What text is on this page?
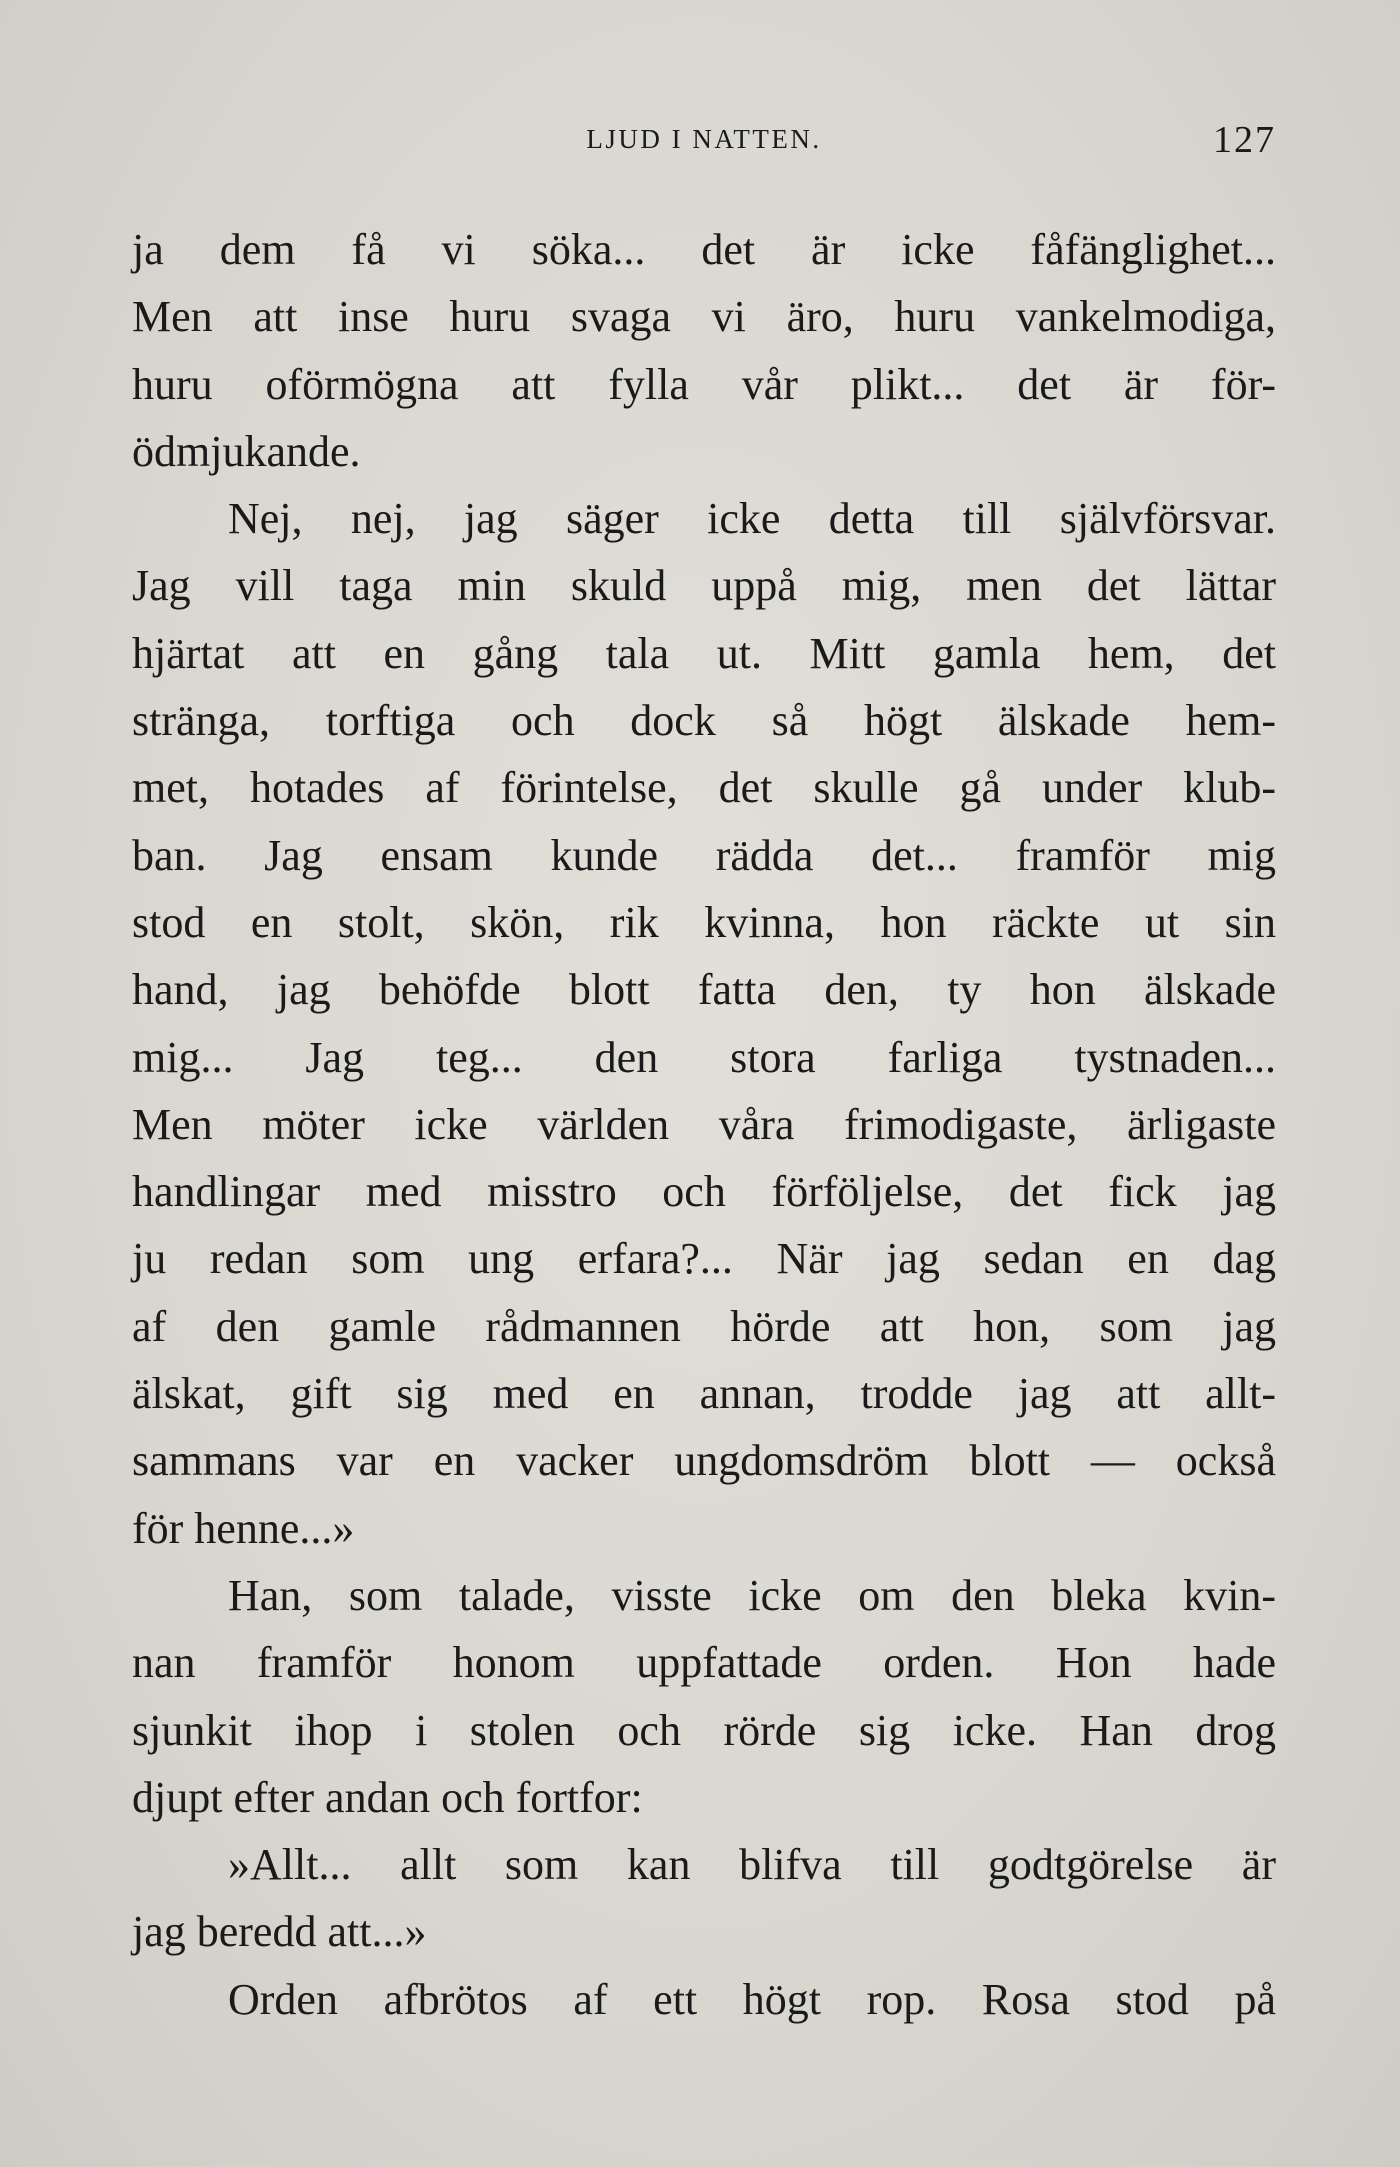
LJUD I NATTEN.	127
ja dem få vi söka... det är icke fåfänglighet...
Men att inse huru svaga vi äro, huru vankelmodiga,
huru oförmögna att fylla vår plikt... det är för-
ödmjukande.
Nej, nej, jag säger icke detta till självförsvar.
Jag vill taga min skuld uppå mig, men det lättar
hjärtat att en gång tala ut. Mitt gamla hem, det
stränga, torftiga och dock så högt älskade hem-
met, hotades af förintelse, det skulle gå under klub-
ban. Jag ensam kunde rädda det... framför mig
stod en stolt, skön, rik kvinna, hon räckte ut sin
hand, jag behöfde blott fatta den, ty hon älskade
mig... Jag teg... den stora farliga tystnaden...
Men möter icke världen våra frimodigaste, ärligaste
handlingar med misstro och förföljelse, det fick jag
ju redan som ung erfara?... När jag sedan en dag
af den gamle rådmannen hörde att hon, som jag
älskat, gift sig med en annan, trodde jag att allt-
sammans var en vacker ungdomsdröm blott — också
för henne...»
Han, som talade, visste icke om den bleka kvin-
nan framför honom uppfattade orden. Hon hade
sjunkit ihop i stolen och rörde sig icke. Han drog
djupt efter andan och fortfor:
»Allt... allt som kan blifva till godtgörelse är
jag beredd att...»
Orden afbrötos af ett högt rop. Rosa stod på
